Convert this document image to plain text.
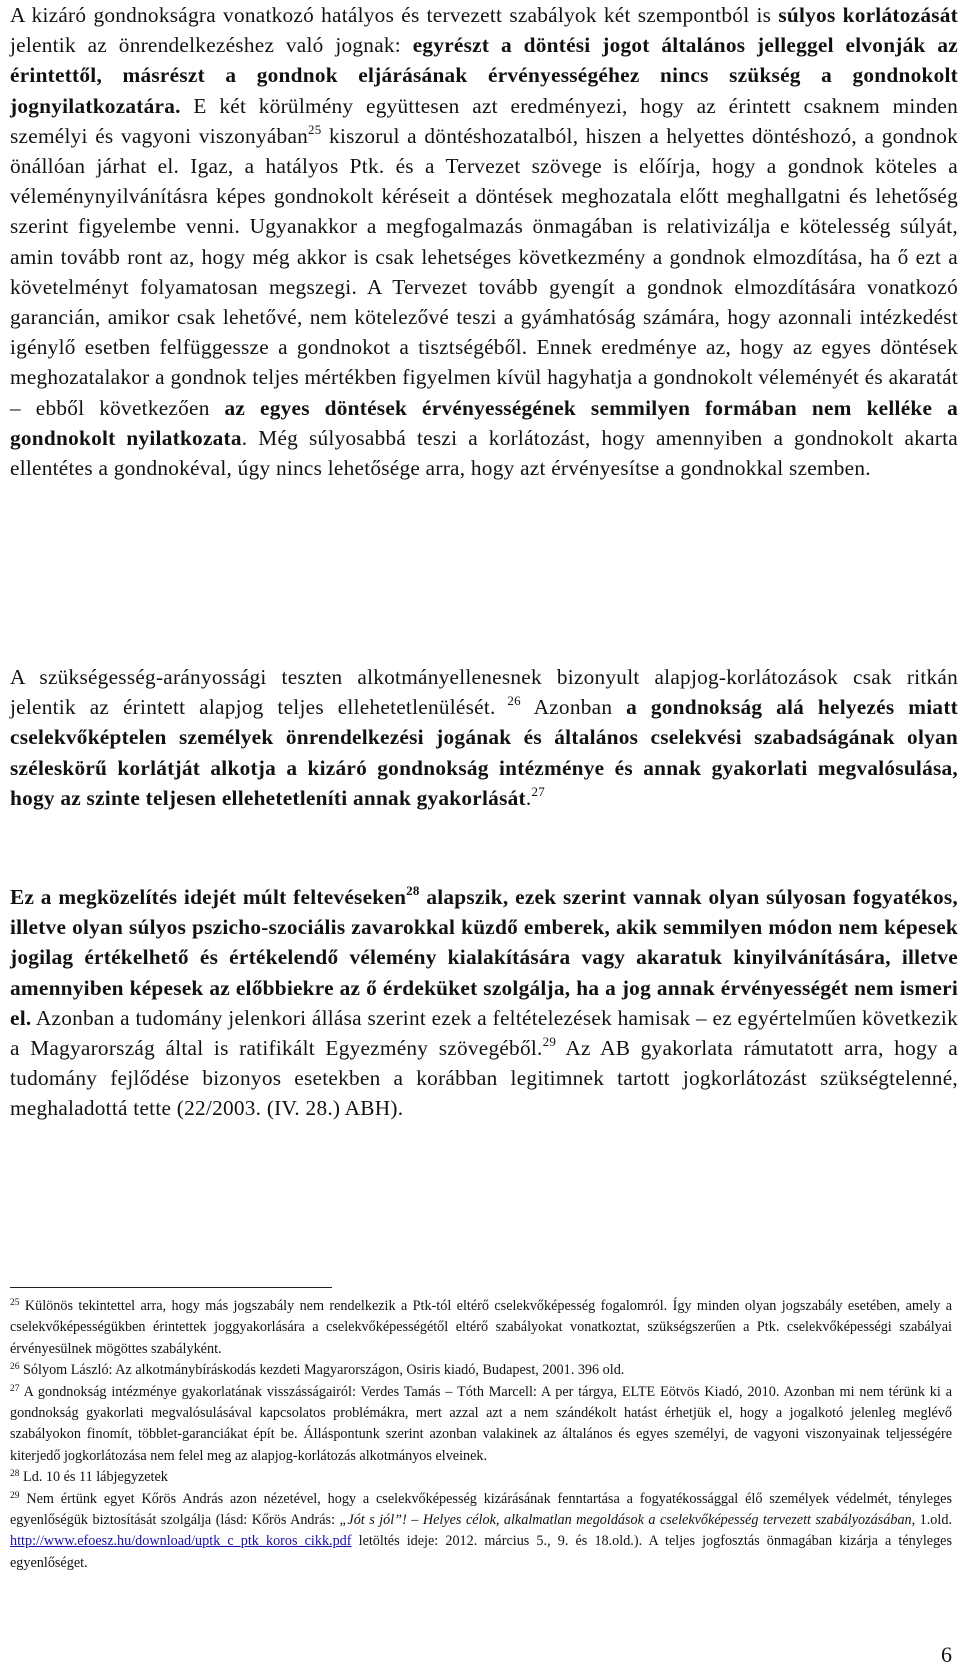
A kizáró gondnokságra vonatkozó hatályos és tervezett szabályok két szempontból is súlyos korlátozását jelentik az önrendelkezéshez való jognak: egyrészt a döntési jogot általános jelleggel elvonják az érintettől, másrészt a gondnok eljárásának érvényességéhez nincs szükség a gondnokolt jognyilatkozatára. E két körülmény együttesen azt eredményezi, hogy az érintett csaknem minden személyi és vagyoni viszonyában$^{25}$ kiszorul a döntéshozatalból, hiszen a helyettes döntéshozó, a gondnok önállóan járhat el. Igaz, a hatályos Ptk. és a Tervezet szövege is előírja, hogy a gondnok köteles a véleménynyilvánításra képes gondnokolt kéréseit a döntések meghozatala előtt meghallgatni és lehetőség szerint figyelembe venni. Ugyanakkor a megfogalmazás önmagában is relativizálja e kötelesség súlyát, amin tovább ront az, hogy még akkor is csak lehetséges következmény a gondnok elmozdítása, ha ő ezt a követelményt folyamatosan megszegi. A Tervezet tovább gyengít a gondnok elmozdítására vonatkozó garancián, amikor csak lehetővé, nem kötelezővé teszi a gyámhatóság számára, hogy azonnali intézkedést igénylő esetben felfüggessze a gondnokot a tisztségéből. Ennek eredménye az, hogy az egyes döntések meghozatalakor a gondnok teljes mértékben figyelmen kívül hagyhatja a gondnokolt véleményét és akaratát – ebből következően az egyes döntések érvényességének semmilyen formában nem kelléke a gondnokolt nyilatkozata. Még súlyosabbá teszi a korlátozást, hogy amennyiben a gondnokolt akarta ellentétes a gondnokéval, úgy nincs lehetősége arra, hogy azt érvényesítse a gondnokkal szemben.

A szükségesség-arányossági teszten alkotmányellenesnek bizonyult alapjog-korlátozások csak ritkán jelentik az érintett alapjog teljes ellehetetlenülését. $^{26}$ Azonban a gondnokság alá helyezés miatt cselekvőképtelen személyek önrendelkezési jogának és általános cselekvési szabadságának olyan széleskörű korlátját alkotja a kizáró gondnokság intézménye és annak gyakorlati megvalósulása, hogy az szinte teljesen ellehetetleníti annak gyakorlását.$^{27}$

Ez a megközelítés idejét múlt feltevéseken$^{28}$ alapszik, ezek szerint vannak olyan súlyosan fogyatékos, illetve olyan súlyos pszicho-szociális zavarokkal küzdő emberek, akik semmilyen módon nem képesek jogilag értékelhető és értékelendő vélemény kialakítására vagy akaratuk kinyilvánítására, illetve amennyiben képesek az előbbiekre az ő érdeküket szolgálja, ha a jog annak érvényességét nem ismeri el. Azonban a tudomány jelenkori állása szerint ezek a feltételezések hamisak – ez egyértelműen következik a Magyarország által is ratifikált Egyezmény szövegéből.$^{29}$ Az AB gyakorlata rámutatott arra, hogy a tudomány fejlődése bizonyos esetekben a korábban legitimnek tartott jogkorlátozást szükségtelenné, meghaladottá tette (22/2003. (IV. 28.) ABH).

$^{25}$ Különös tekintettel arra, hogy más jogszabály nem rendelkezik a Ptk-tól eltérő cselekvőképesség fogalomról. Így minden olyan jogszabály esetében, amely a cselekvőképességükben érintettek joggyakorlására a cselekvőképességétől eltérő szabályokat vonatkoztat, szükségszerűen a Ptk. cselekvőképességi szabályai érvényesülnek mögöttes szabályként.

$^{26}$ Sólyom László: Az alkotmánybíráskodás kezdeti Magyarországon, Osiris kiadó, Budapest, 2001. 396 old.

$^{27}$ A gondnokság intézménye gyakorlatának visszásságairól: Verdes Tamás – Tóth Marcell: A per tárgya, ELTE Eötvös Kiadó, 2010. Azonban mi nem térünk ki a gondnokság gyakorlati megvalósulásával kapcsolatos problémákra, mert azzal azt a nem szándékolt hatást érhetjük el, hogy a jogalkotó jelenleg meglévő szabályokon finomít, többlet-garanciákat épít be. Álláspontunk szerint azonban valakinek az általános és egyes személyi, de vagyoni viszonyainak teljességére kiterjedő jogkorlátozása nem felel meg az alapjog-korlátozás alkotmányos elveinek.

$^{28}$ Ld. 10 és 11 lábjegyzetek

$^{29}$ Nem értünk egyet Kőrös András azon nézetével, hogy a cselekvőképesség kizárásának fenntartása a fogyatékossággal élő személyek védelmét, tényleges egyenlőségük biztosítását szolgálja (lásd: Kőrös András: „Jót s jól”! – Helyes célok, alkalmatlan megoldások a cselekvőképesség tervezett szabályozásában, 1.old. http://www.efoesz.hu/download/uptk_c_ptk_koros_cikk.pdf letöltés ideje: 2012. március 5., 9. és 18.old.). A teljes jogfosztás önmagában kizárja a tényleges egyenlőséget.

6
